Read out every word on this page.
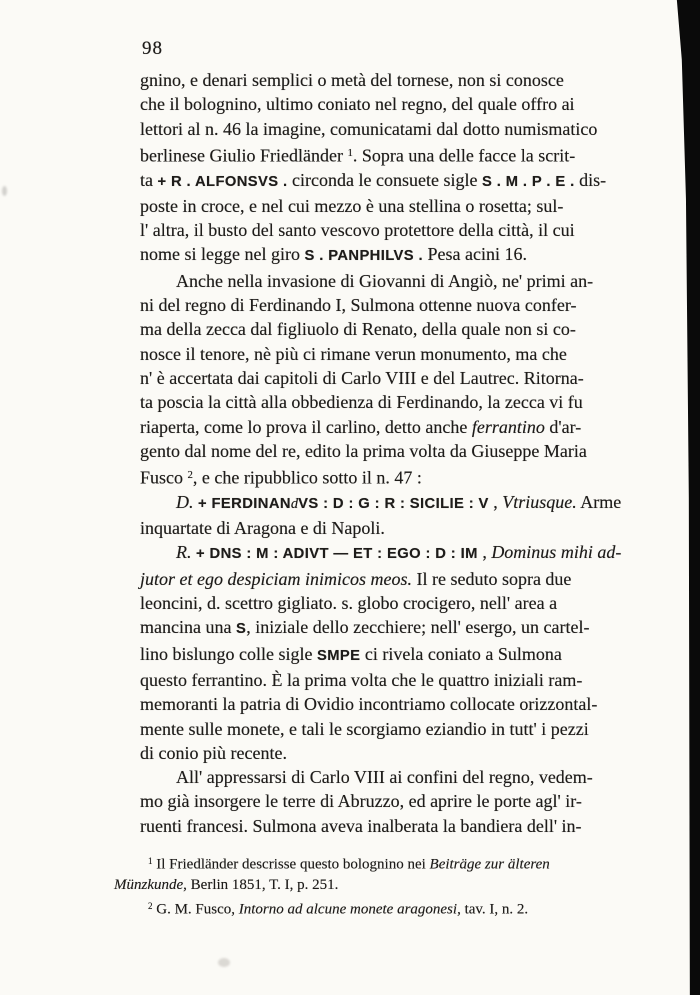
98
gnino, e denari semplici o metà del tornese, non si conosce
che il bolognino, ultimo coniato nel regno, del quale offro ai
lettori al n. 46 la imagine, comunicatami dal dotto numismatico
berlinese Giulio Friedländer $^1$. Sopra una delle facce la scrit-
ta + R . ALFONSVS . circonda le consuete sigle S . M . P . E . dis-
poste in croce, e nel cui mezzo è una stellina o rosetta; sul-
l' altra, il busto del santo vescovo protettore della città, il cui
nome si legge nel giro S . PANPHILVS . Pesa acini 16.
Anche nella invasione di Giovanni di Angiò, ne' primi an-
ni del regno di Ferdinando I, Sulmona ottenne nuova confer-
ma della zecca dal figliuolo di Renato, della quale non si co-
nosce il tenore, nè più ci rimane verun monumento, ma che
n' è accertata dai capitoli di Carlo VIII e del Lautrec. Ritorna-
ta poscia la città alla obbedienza di Ferdinando, la zecca vi fu
riaperta, come lo prova il carlino, detto anche ferrantino d'ar-
gento dal nome del re, edito la prima volta da Giuseppe Maria
Fusco $^2$, e che ripubblico sotto il n. 47 :
D. + FERDINANdVS : D : G : R : SICILIE : V , Vtriusque. Arme
inquartate di Aragona e di Napoli.
R. + DNS : M : ADIVT — ET : EGO : D : IM , Dominus mihi ad-
jutor et ego despiciam inimicos meos. Il re seduto sopra due
leoncini, d. scettro gigliato. s. globo crocigero, nell' area a
mancina una S, iniziale dello zecchiere; nell' esergo, un cartel-
lino bislungo colle sigle SMPE ci rivela coniato a Sulmona
questo ferrantino. È la prima volta che le quattro iniziali ram-
memoranti la patria di Ovidio incontriamo collocate orizzontal-
mente sulle monete, e tali le scorgiamo eziandio in tutt' i pezzi
di conio più recente.
All' appressarsi di Carlo VIII ai confini del regno, vedem-
mo già insorgere le terre di Abruzzo, ed aprire le porte agl' ir-
ruenti francesi. Sulmona aveva inalberata la bandiera dell' in-
$^1$ Il Friedländer descrisse questo bolognino nei Beiträge zur älteren
Münzkunde, Berlin 1851, T. I, p. 251.
$^2$ G. M. Fusco, Intorno ad alcune monete aragonesi, tav. I, n. 2.
